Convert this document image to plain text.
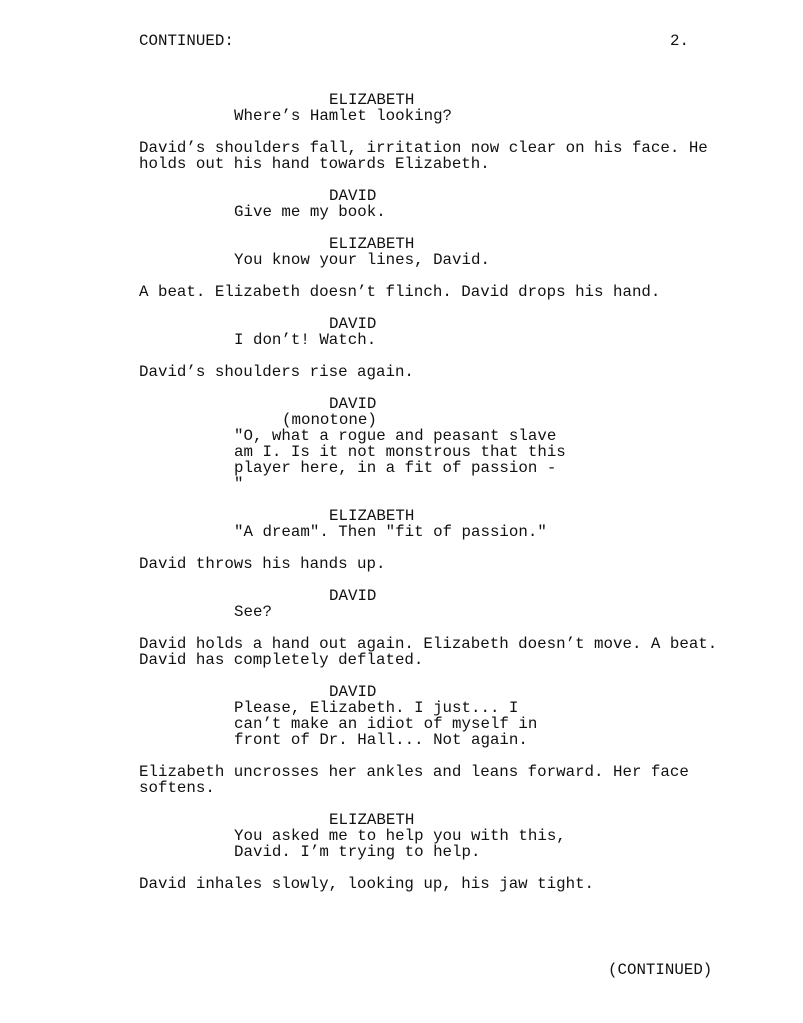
CONTINUED:	2.
ELIZABETH
Where’s Hamlet looking?
David’s shoulders fall, irritation now clear on his face. He holds out his hand towards Elizabeth.
DAVID
Give me my book.
ELIZABETH
You know your lines, David.
A beat. Elizabeth doesn’t flinch. David drops his hand.
DAVID
I don’t! Watch.
David’s shoulders rise again.
DAVID
(monotone)
"O, what a rogue and peasant slave am I. Is it not monstrous that this player here, in a fit of passion - "
ELIZABETH
"A dream". Then "fit of passion."
David throws his hands up.
DAVID
See?
David holds a hand out again. Elizabeth doesn’t move. A beat. David has completely deflated.
DAVID
Please, Elizabeth. I just... I can’t make an idiot of myself in front of Dr. Hall... Not again.
Elizabeth uncrosses her ankles and leans forward. Her face softens.
ELIZABETH
You asked me to help you with this, David. I’m trying to help.
David inhales slowly, looking up, his jaw tight.
(CONTINUED)
